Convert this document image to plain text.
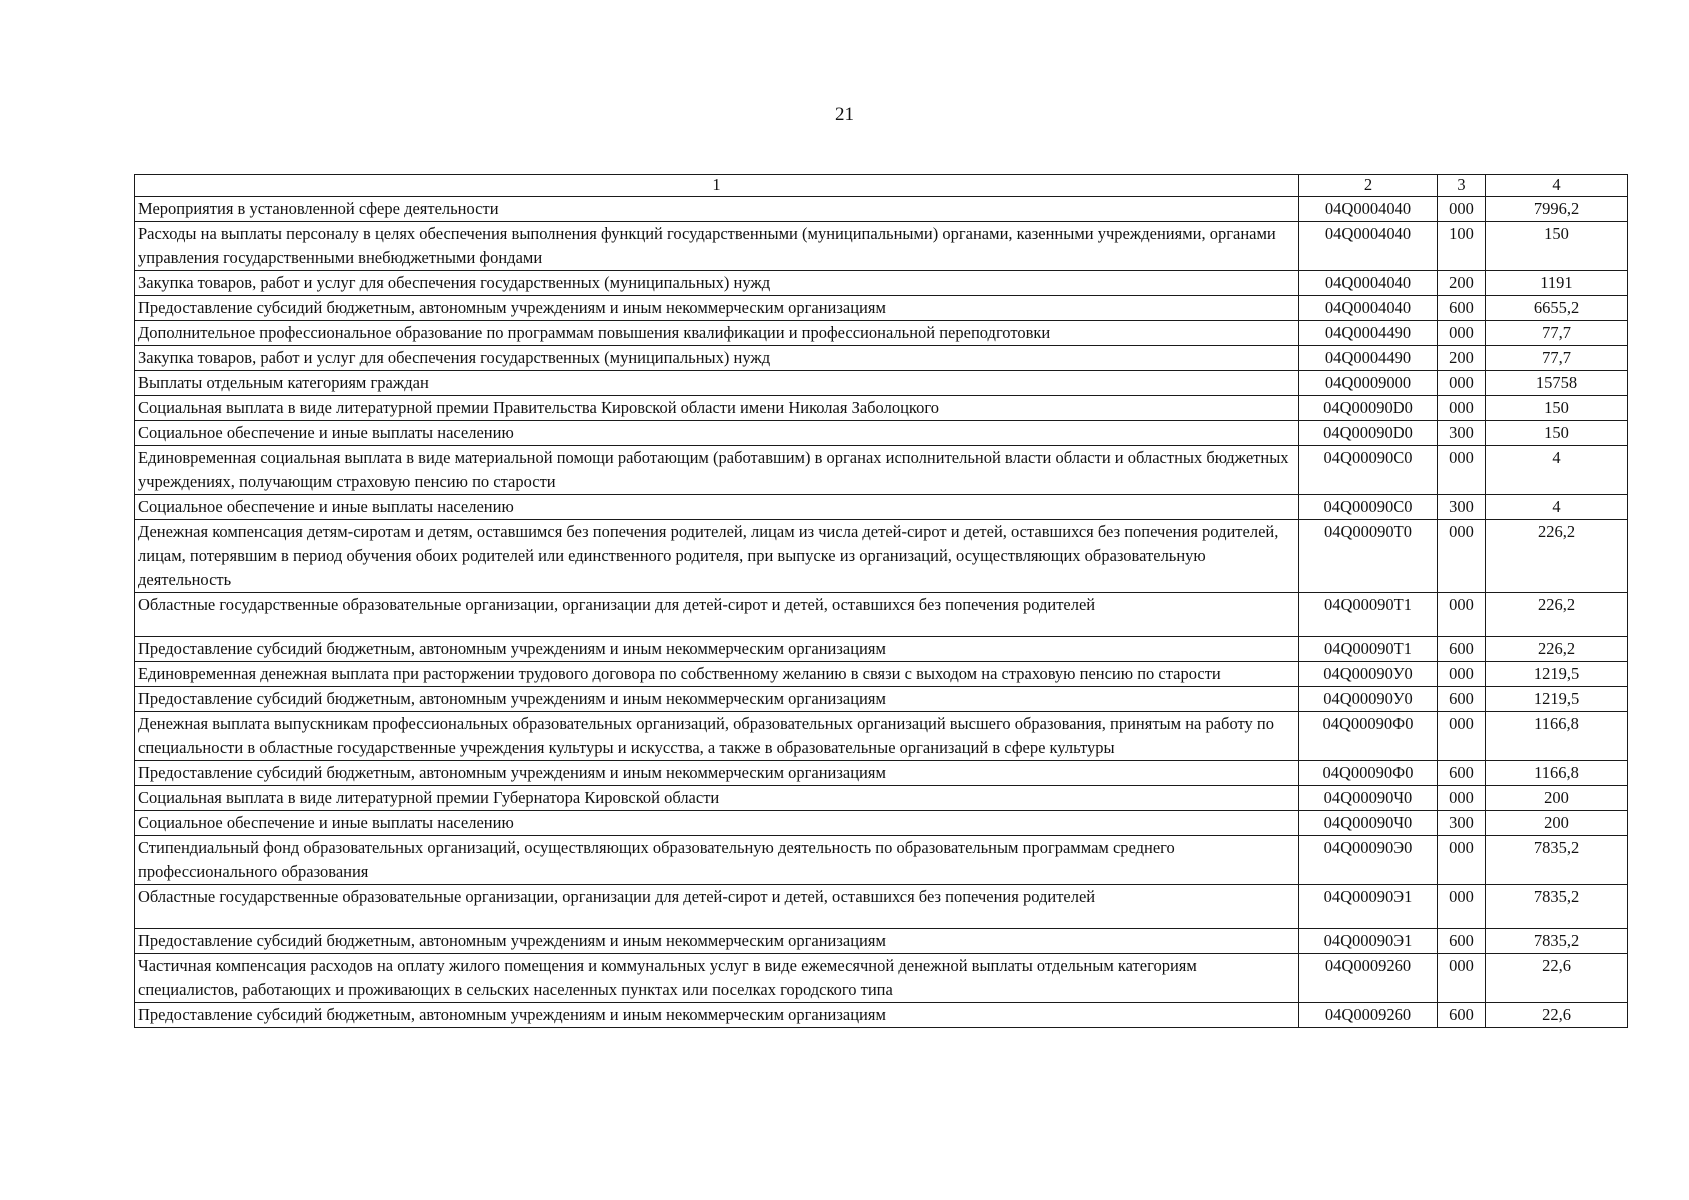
21
1	2	3	4
Мероприятия в установленной сфере деятельности	04Q0004040	000	7996,2
Расходы на выплаты персоналу в целях обеспечения выполнения функций государственными (муниципальными) органами, казенными учреждениями, органами управления государственными внебюджетными фондами	04Q0004040	100	150
Закупка товаров, работ и услуг для обеспечения государственных (муниципальных) нужд	04Q0004040	200	1191
Предоставление субсидий бюджетным, автономным учреждениям и иным некоммерческим организациям	04Q0004040	600	6655,2
Дополнительное профессиональное образование по программам повышения квалификации и профессиональной переподготовки	04Q0004490	000	77,7
Закупка товаров, работ и услуг для обеспечения государственных (муниципальных) нужд	04Q0004490	200	77,7
Выплаты отдельным категориям граждан	04Q0009000	000	15758
Социальная выплата в виде литературной премии Правительства Кировской области имени Николая Заболоцкого	04Q00090D0	000	150
Социальное обеспечение и иные выплаты населению	04Q00090D0	300	150
Единовременная социальная выплата в виде материальной помощи работающим (работавшим) в органах исполнительной власти области и областных бюджетных учреждениях, получающим страховую пенсию по старости	04Q00090C0	000	4
Социальное обеспечение и иные выплаты населению	04Q00090C0	300	4
Денежная компенсация детям-сиротам и детям, оставшимся без попечения родителей, лицам из числа детей-сирот и детей, оставшихся без попечения родителей, лицам, потерявшим в период обучения обоих родителей или единственного родителя, при выпуске из организаций, осуществляющих образовательную деятельность	04Q00090T0	000	226,2
Областные государственные образовательные организации, организации для детей-сирот и детей, оставшихся без попечения родителей	04Q00090T1	000	226,2
Предоставление субсидий бюджетным, автономным учреждениям и иным некоммерческим организациям	04Q00090T1	600	226,2
Единовременная денежная выплата при расторжении трудового договора по собственному желанию в связи с выходом на страховую пенсию по старости	04Q00090У0	000	1219,5
Предоставление субсидий бюджетным, автономным учреждениям и иным некоммерческим организациям	04Q00090У0	600	1219,5
Денежная выплата выпускникам профессиональных образовательных организаций, образовательных организаций высшего образования, принятым на работу по специальности в областные государственные учреждения культуры и искусства, а также в образовательные организаций в сфере культуры	04Q00090Ф0	000	1166,8
Предоставление субсидий бюджетным, автономным учреждениям и иным некоммерческим организациям	04Q00090Ф0	600	1166,8
Социальная выплата в виде литературной премии Губернатора Кировской области	04Q00090Ч0	000	200
Социальное обеспечение и иные выплаты населению	04Q00090Ч0	300	200
Стипендиальный фонд образовательных организаций, осуществляющих образовательную деятельность по образовательным программам среднего профессионального образования	04Q00090Э0	000	7835,2
Областные государственные образовательные организации, организации для детей-сирот и детей, оставшихся без попечения родителей	04Q00090Э1	000	7835,2
Предоставление субсидий бюджетным, автономным учреждениям и иным некоммерческим организациям	04Q00090Э1	600	7835,2
Частичная компенсация расходов на оплату жилого помещения и коммунальных услуг в виде ежемесячной денежной выплаты отдельным категориям специалистов, работающих и проживающих в сельских населенных пунктах или поселках городского типа	04Q0009260	000	22,6
Предоставление субсидий бюджетным, автономным учреждениям и иным некоммерческим организациям	04Q0009260	600	22,6
